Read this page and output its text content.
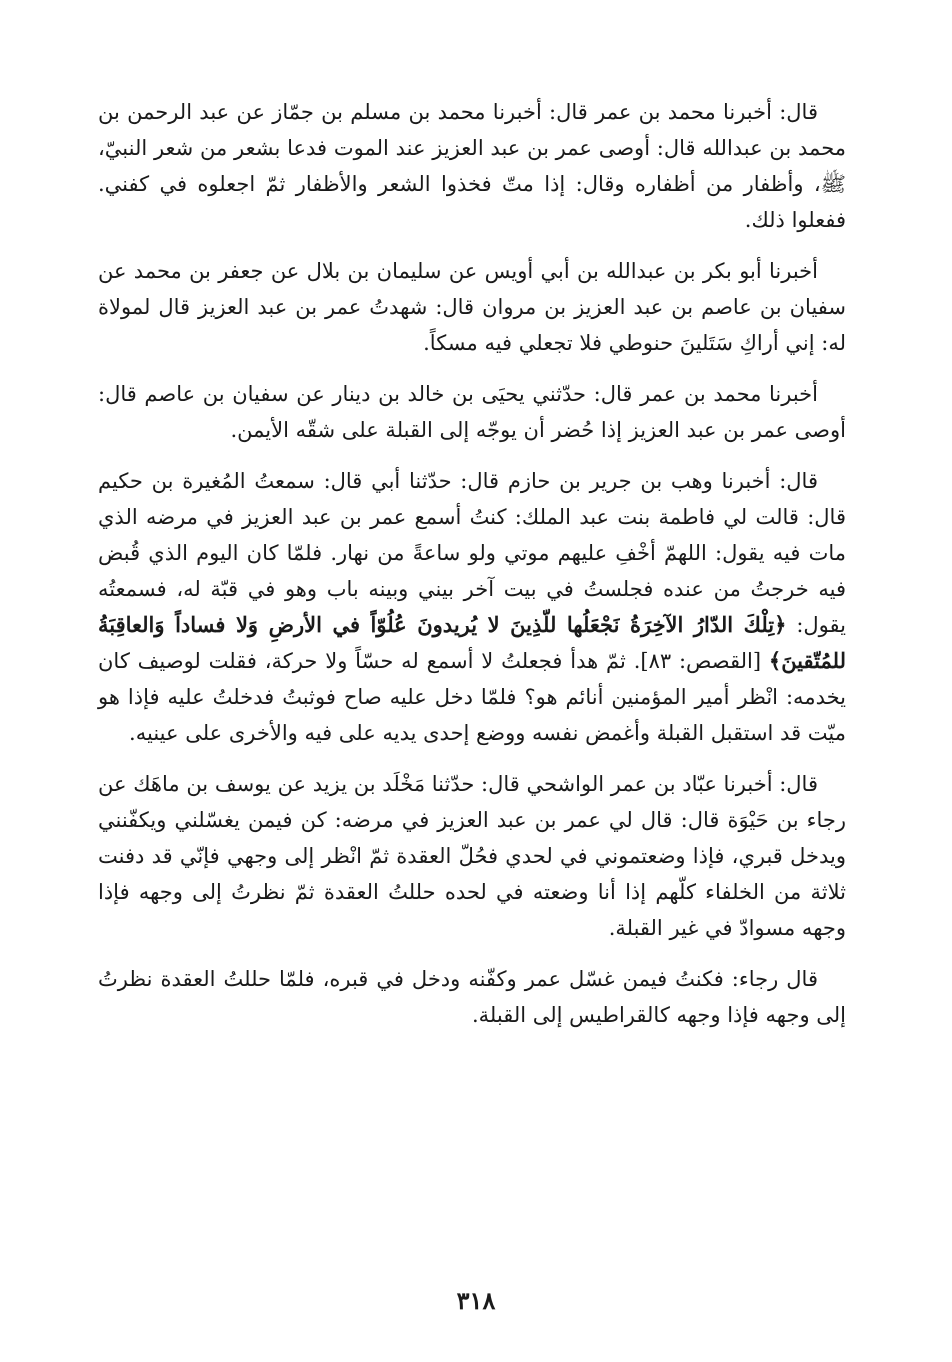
قال: أخبرنا محمد بن عمر قال: أخبرنا محمد بن مسلم بن جمّاز عن عبد الرحمن بن محمد بن عبدالله قال: أوصى عمر بن عبد العزيز عند الموت فدعا بشعر من شعر النبيّ، ﷺ، وأظفار من أظفاره وقال: إذا متّ فخذوا الشعر والأظفار ثمّ اجعلوه في كفني. ففعلوا ذلك.

أخبرنا أبو بكر بن عبدالله بن أبي أويس عن سليمان بن بلال عن جعفر بن محمد عن سفيان بن عاصم بن عبد العزيز بن مروان قال: شهدتُ عمر بن عبد العزيز قال لمولاة له: إني أراكِ سَتَلينَ حنوطي فلا تجعلي فيه مسكاً.

أخبرنا محمد بن عمر قال: حدّثني يحيَى بن خالد بن دينار عن سفيان بن عاصم قال: أوصى عمر بن عبد العزيز إذا حُضر أن يوجّه إلى القبلة على شقّه الأيمن.

قال: أخبرنا وهب بن جرير بن حازم قال: حدّثنا أبي قال: سمعتُ المُغيرة بن حكيم قال: قالت لي فاطمة بنت عبد الملك: كنتُ أسمع عمر بن عبد العزيز في مرضه الذي مات فيه يقول: اللهمّ أخْفِ عليهم موتي ولو ساعةً من نهار. فلمّا كان اليوم الذي قُبض فيه خرجتُ من عنده فجلستُ في بيت آخر بيني وبينه باب وهو في قبّة له، فسمعتُه يقول: ﴿تِلْكَ الدّارُ الآخِرَةُ نَجْعَلُها للّذِينَ لا يُريدونَ عُلُوّاً في الأرضِ وَلا فساداً وَالعاقِبَةُ للمُتّقينَ﴾ [القصص: ٨٣]. ثمّ هدأ فجعلتُ لا أسمع له حسّاً ولا حركة، فقلت لوصيف كان يخدمه: انْظر أمير المؤمنين أنائم هو؟ فلمّا دخل عليه صاح فوثبتُ فدخلتُ عليه فإذا هو ميّت قد استقبل القبلة وأغمض نفسه ووضع إحدى يديه على فيه والأخرى على عينيه.

قال: أخبرنا عبّاد بن عمر الواشحي قال: حدّثنا مَخْلَد بن يزيد عن يوسف بن ماهَك عن رجاء بن حَيْوَة قال: قال لي عمر بن عبد العزيز في مرضه: كن فيمن يغسّلني ويكفّنني ويدخل قبري، فإذا وضعتموني في لحدي فحُلّ العقدة ثمّ انْظر إلى وجهي فإنّي قد دفنت ثلاثة من الخلفاء كلّهم إذا أنا وضعته في لحده حللتُ العقدة ثمّ نظرتُ إلى وجهه فإذا وجهه مسوادّ في غير القبلة.

قال رجاء: فكنتُ فيمن غسّل عمر وكفّنه ودخل في قبره، فلمّا حللتُ العقدة نظرتُ إلى وجهه فإذا وجهه كالقراطيس إلى القبلة.

٣١٨
